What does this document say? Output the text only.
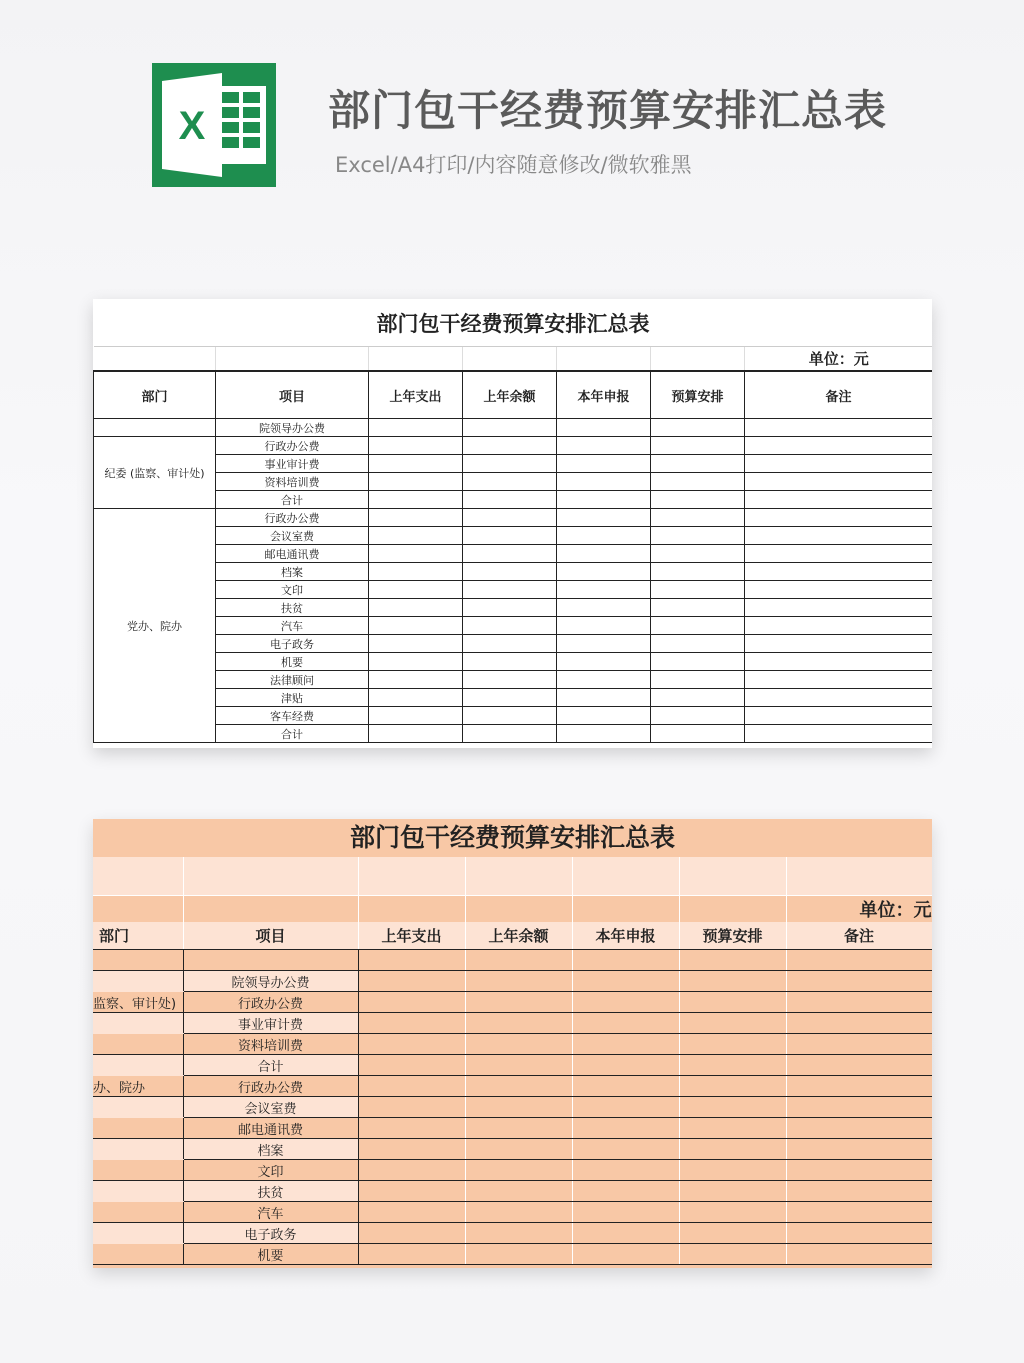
X	部门包干经费预算安排汇总表
Excel/A4打印/内容随意修改/微软雅黑
部门包干经费预算安排汇总表						
						单位：元
部门	项目	上年支出	上年余额	本年申报	预算安排	备注
	院领导办公费					
纪委 (监察、审计处)	行政办公费					
	事业审计费					
	资料培训费					
	合计					
党办、院办	行政办公费					
	会议室费					
	邮电通讯费					
	档案					
	文印					
	扶贫					
	汽车					
	电子政务					
	机要					
	法律顾问					
	津贴					
	客车经费					
	合计					
部门包干经费预算安排汇总表

						单位：元
部门	项目	上年支出	上年余额	本年申报	预算安排	备注

	院领导办公费					
监察、审计处)	行政办公费					
	事业审计费					
	资料培训费					
	合计					
办、院办	行政办公费					
	会议室费					
	邮电通讯费					
	档案					
	文印					
	扶贫					
	汽车					
	电子政务					
	机要					
